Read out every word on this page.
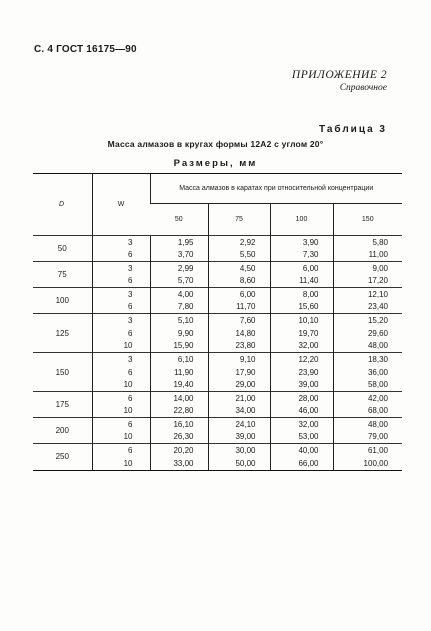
С. 4 ГОСТ 16175—90
ПРИЛОЖЕНИЕ 2
Справочное
Таблица 3
Масса алмазов в кругах формы 12А2 с углом 20°
Размеры, мм
D	W	Масса алмазов в каратах при относительной концентрации			
		50	75	100	150
50	3	1,95	2,92	3,90	5,80
	6	3,70	5,50	7,30	11,00
75	3	2,99	4,50	6,00	9,00
	6	5,70	8,60	11,40	17,20
100	3	4,00	6,00	8,00	12,10
	6	7,80	11,70	15,60	23,40
125	3	5,10	7,60	10,10	15,20
	6	9,90	14,80	19,70	29,60
	10	15,90	23,80	32,00	48,00
150	3	6,10	9,10	12,20	18,30
	6	11,90	17,90	23,90	36,00
	10	19,40	29,00	39,00	58,00
175	6	14,00	21,00	28,00	42,00
	10	22,80	34,00	46,00	68,00
200	6	16,10	24,10	32,00	48,00
	10	26,30	39,00	53,00	79,00
250	6	20,20	30,00	40,00	61,00
	10	33,00	50,00	66,00	100,00
